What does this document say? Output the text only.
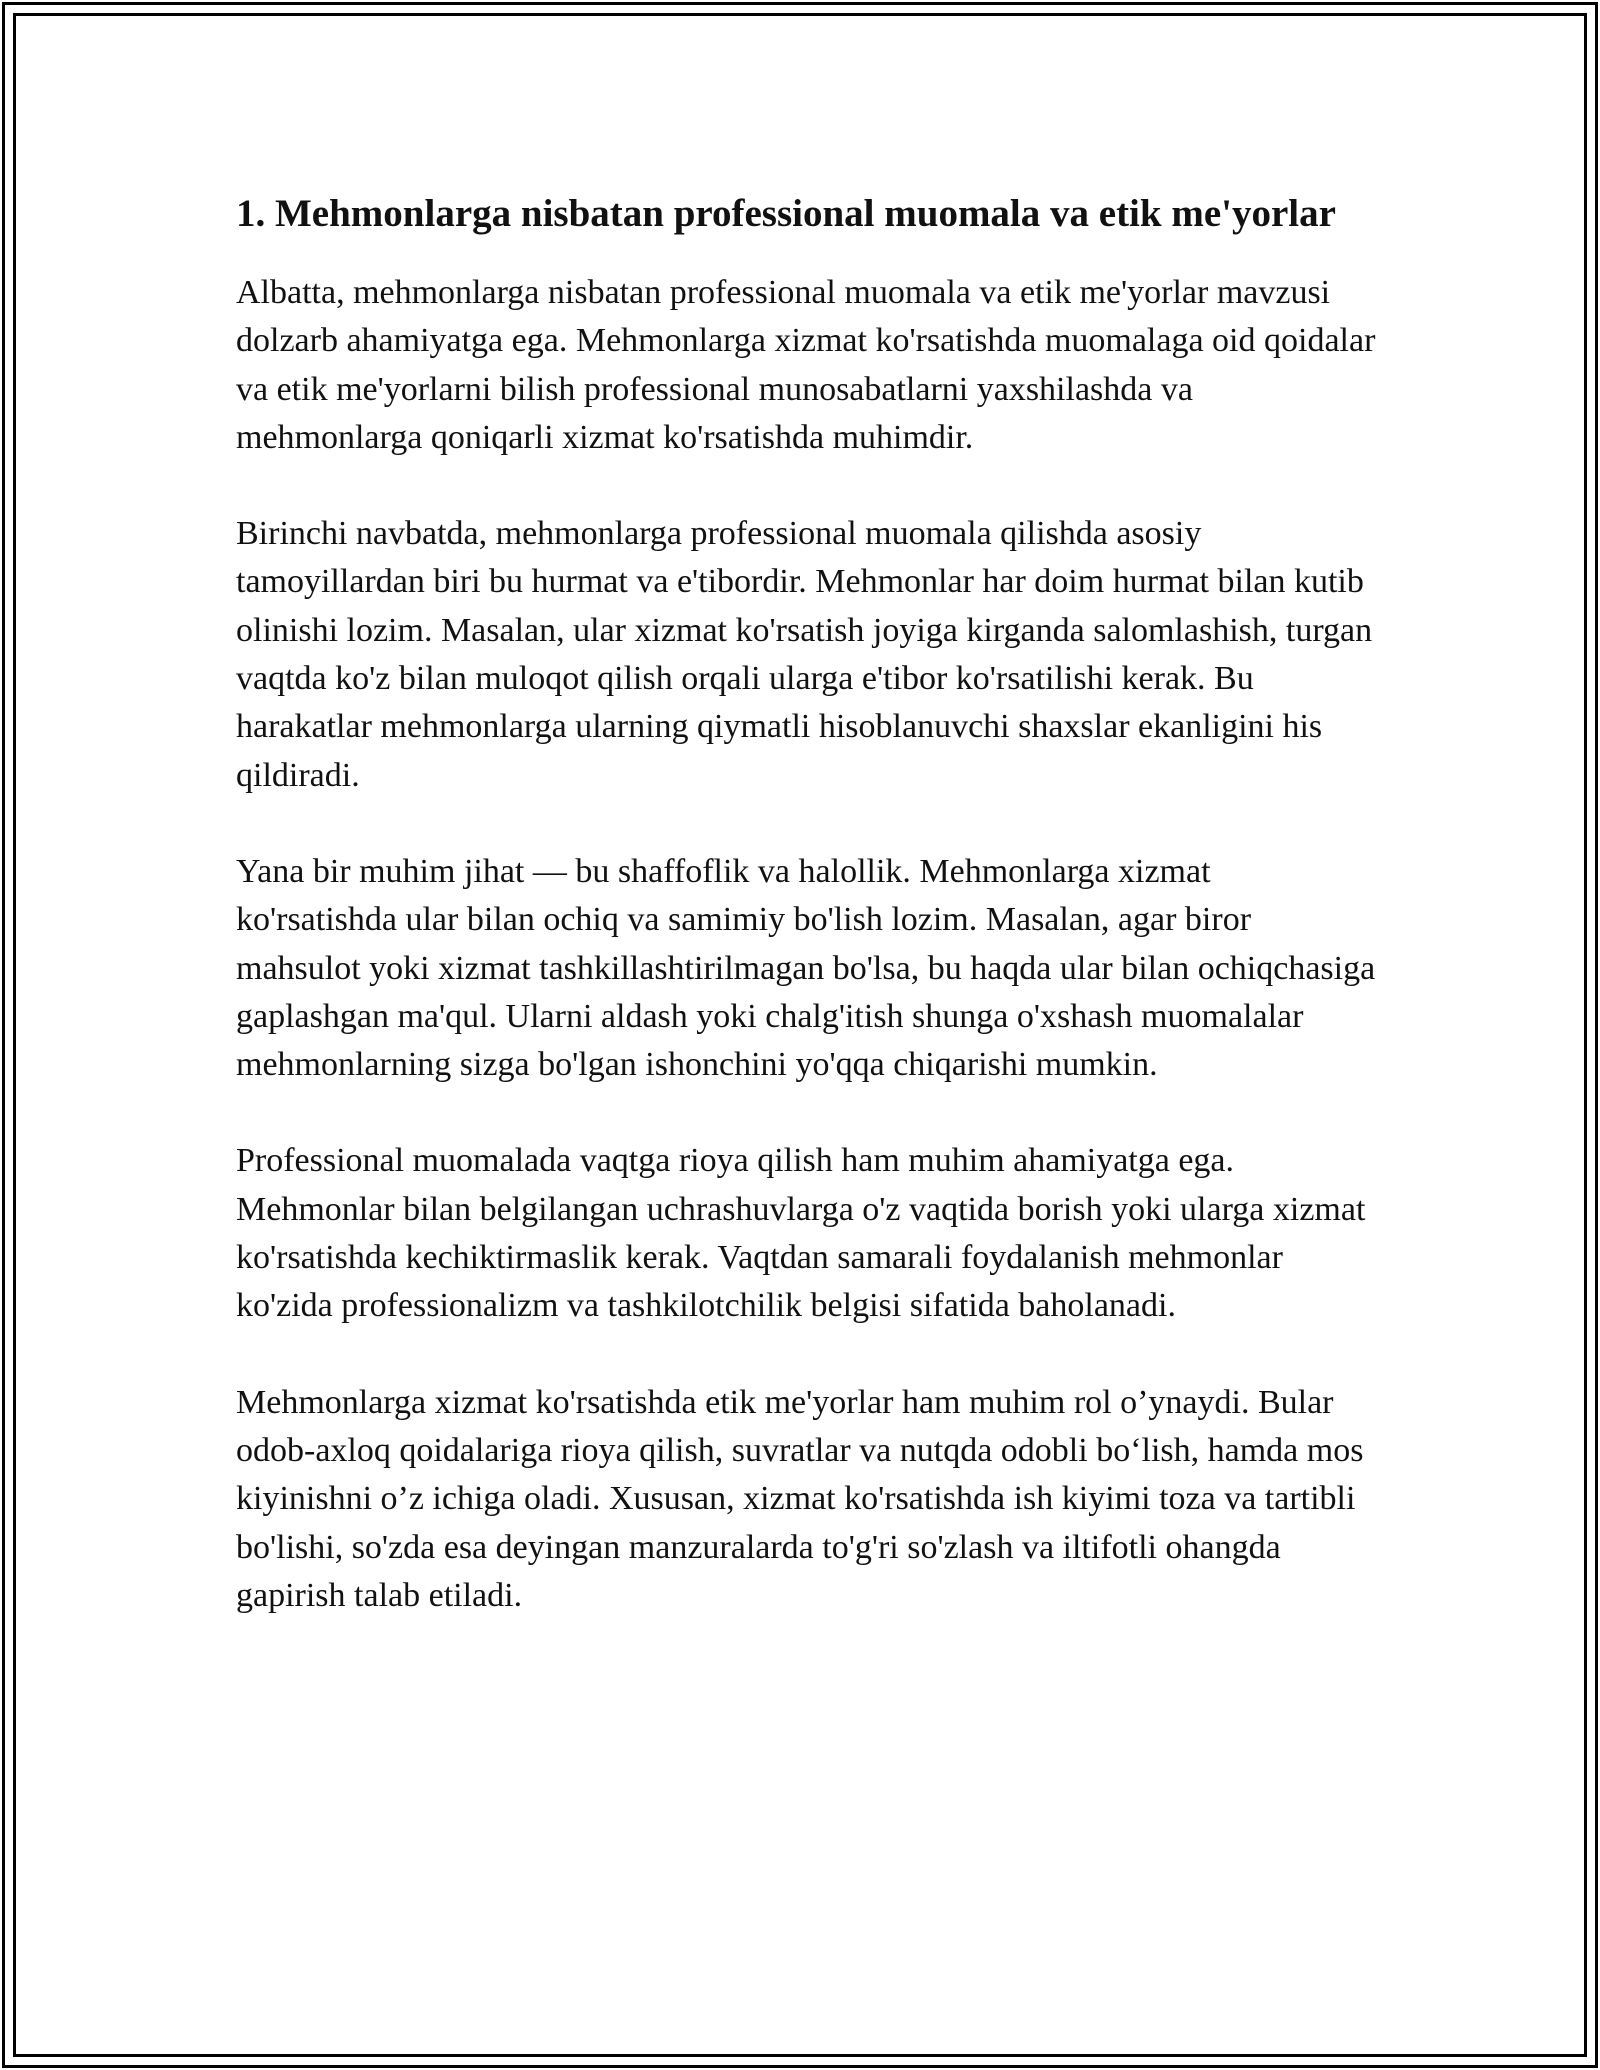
1. Mehmonlarga nisbatan professional muomala va etik me'yorlar

Albatta, mehmonlarga nisbatan professional muomala va etik me'yorlar mavzusi dolzarb ahamiyatga ega. Mehmonlarga xizmat ko'rsatishda muomalaga oid qoidalar va etik me'yorlarni bilish professional munosabatlarni yaxshilashda va mehmonlarga qoniqarli xizmat ko'rsatishda muhimdir.

Birinchi navbatda, mehmonlarga professional muomala qilishda asosiy tamoyillardan biri bu hurmat va e'tibordir. Mehmonlar har doim hurmat bilan kutib olinishi lozim. Masalan, ular xizmat ko'rsatish joyiga kirganda salomlashish, turgan vaqtda ko'z bilan muloqot qilish orqali ularga e'tibor ko'rsatilishi kerak. Bu harakatlar mehmonlarga ularning qiymatli hisoblanuvchi shaxslar ekanligini his qildiradi.

Yana bir muhim jihat — bu shaffoflik va halollik. Mehmonlarga xizmat ko'rsatishda ular bilan ochiq va samimiy bo'lish lozim. Masalan, agar biror mahsulot yoki xizmat tashkillashtirilmagan bo'lsa, bu haqda ular bilan ochiqchasiga gaplashgan ma'qul. Ularni aldash yoki chalg'itish shunga o'xshash muomalalar mehmonlarning sizga bo'lgan ishonchini yo'qqa chiqarishi mumkin.

Professional muomalada vaqtga rioya qilish ham muhim ahamiyatga ega. Mehmonlar bilan belgilangan uchrashuvlarga o'z vaqtida borish yoki ularga xizmat ko'rsatishda kechiktirmaslik kerak. Vaqtdan samarali foydalanish mehmonlar ko'zida professionalizm va tashkilotchilik belgisi sifatida baholanadi.

Mehmonlarga xizmat ko'rsatishda etik me'yorlar ham muhim rol o’ynaydi. Bular odob-axloq qoidalariga rioya qilish, suvratlar va nutqda odobli bo‘lish, hamda mos kiyinishni o’z ichiga oladi. Xususan, xizmat ko'rsatishda ish kiyimi toza va tartibli bo'lishi, so'zda esa deyingan manzuralarda to'g'ri so'zlash va iltifotli ohangda gapirish talab etiladi.
